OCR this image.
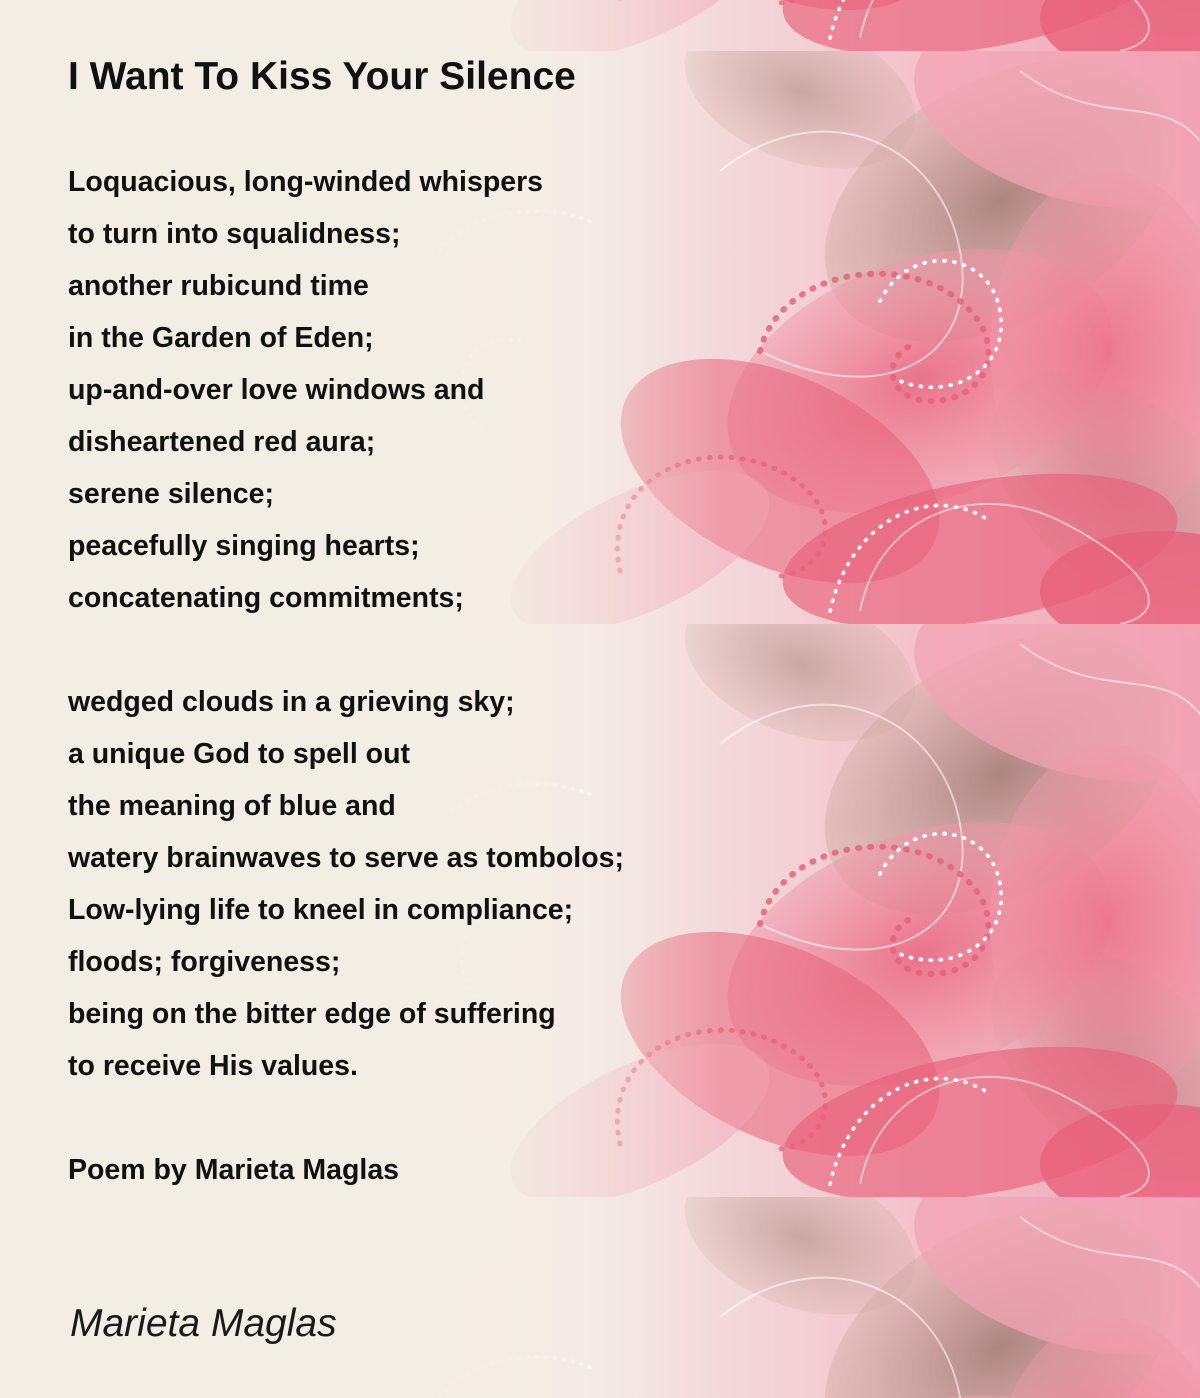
I Want To Kiss Your Silence
Loquacious, long-winded whispers
to turn into squalidness;
another rubicund time
in the Garden of Eden;
up-and-over love windows and
disheartened red aura;
serene silence;
peacefully singing hearts;
concatenating commitments;
wedged clouds in a grieving sky;
a unique God to spell out
the meaning of blue and
watery brainwaves to serve as tombolos;
Low-lying life to kneel in compliance;
floods; forgiveness;
being on the bitter edge of suffering
to receive His values.
Poem by Marieta Maglas
Marieta Maglas
